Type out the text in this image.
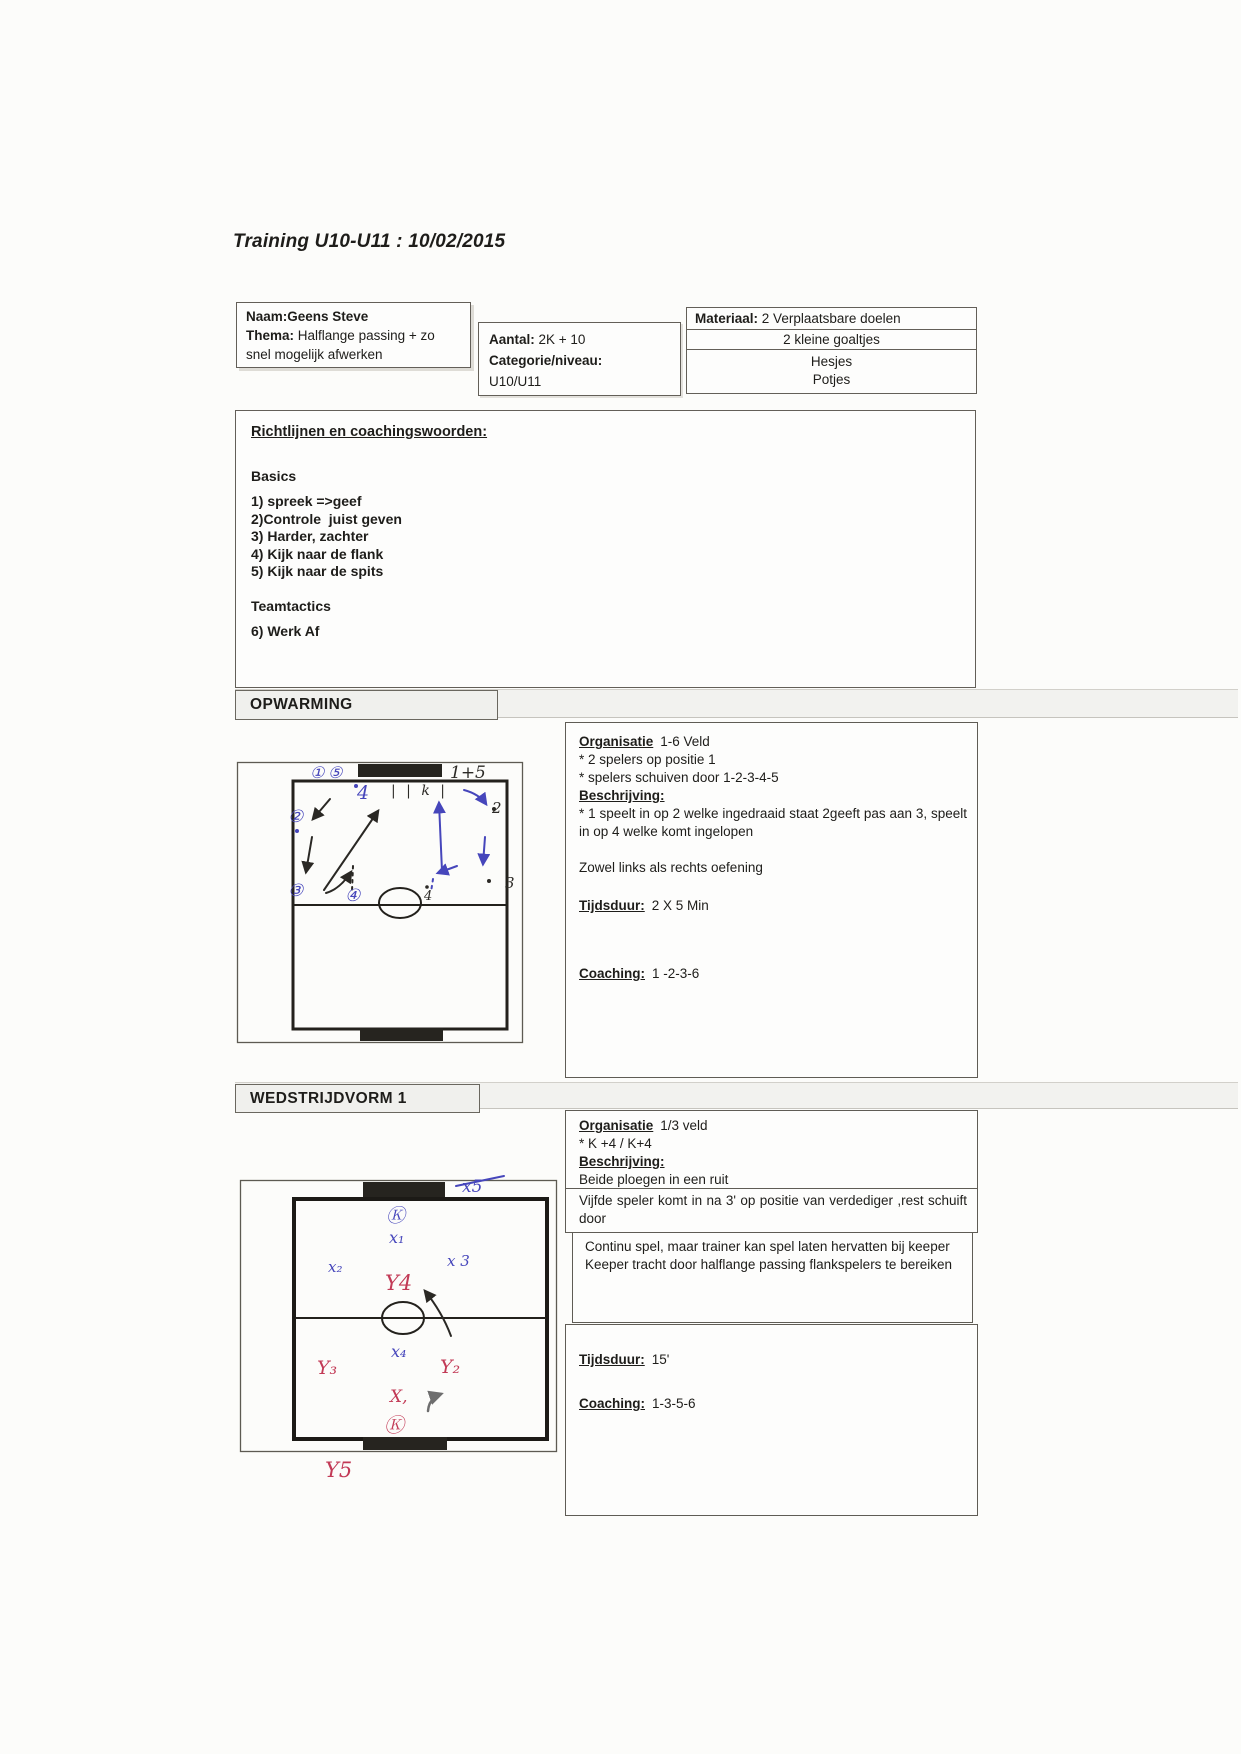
Training U10-U11 : 10/02/2015
Naam:Geens Steve
Thema: Halflange passing + zo snel mogelijk afwerken
Aantal: 2K + 10
Categorie/niveau:
U10/U11
Materiaal: 2 Verplaatsbare doelen
2 kleine goaltjes
Hesjes
Potjes
Richtlijnen en coachingswoorden:
Basics
1) spreek =>geef
2)Controle  juist geven
3) Harder, zachter
4) Kijk naar de flank
5) Kijk naar de spits
Teamtactics
6) Werk Af
OPWARMING
Organisatie 1-6 Veld
* 2 spelers op positie 1
* spelers schuiven door 1-2-3-4-5
Beschrijving:
* 1 speelt in op 2 welke ingedraaid staat 2geeft pas aan 3, speelt in op 4 welke komt ingelopen
Zowel links als rechts oefening
Tijdsduur: 2 X 5 Min
Coaching: 1 -2-3-6
① ⑤	1+5
4 | | k |
②
③ ④
2
3
4
WEDSTRIJDVORM 1
Organisatie 1/3 veld
* K +4 / K+4
Beschrijving:
Beide ploegen in een ruit
Vijfde speler komt in na 3' op positie van verdediger ,rest schuift door
Continu spel, maar trainer kan spel laten hervatten bij keeper
Keeper tracht door halflange passing flankspelers te bereiken
Tijdsduur: 15'
Coaching: 1-3-5-6
x5
Ⓚ
x₁
x₂	x 3
Y4
x₄
Y₃	Y₂
X,
Ⓚ
Y5
